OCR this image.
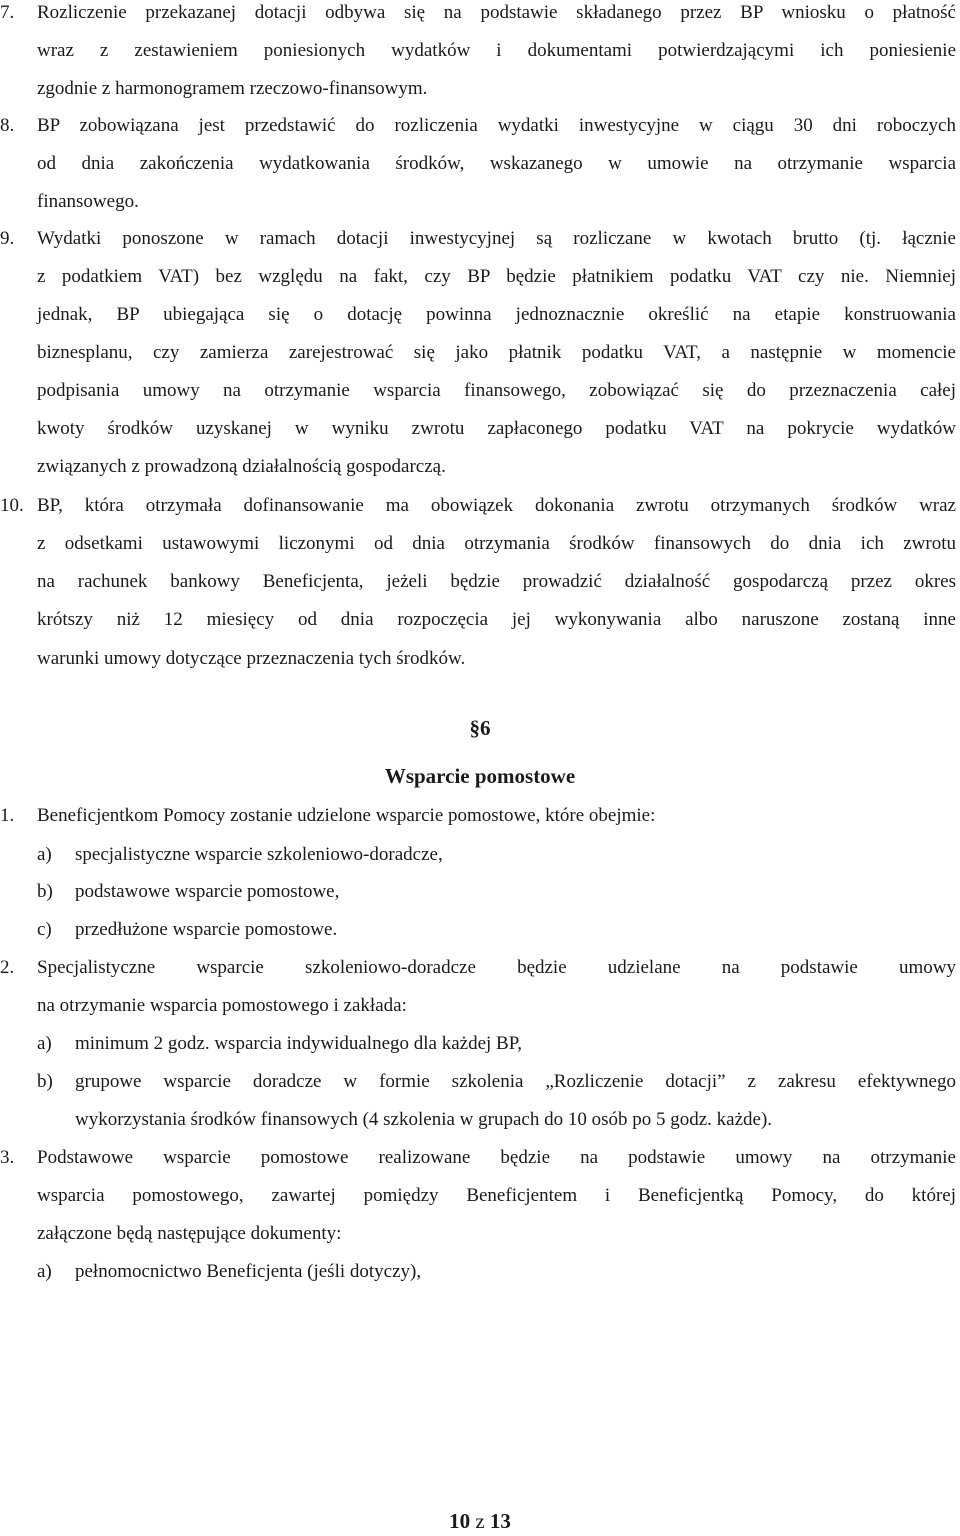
7. Rozliczenie przekazanej dotacji odbywa się na podstawie składanego przez BP wniosku o płatność
wraz z zestawieniem poniesionych wydatków i dokumentami potwierdzającymi ich poniesienie
zgodnie z harmonogramem rzeczowo-finansowym.
8. BP zobowiązana jest przedstawić do rozliczenia wydatki inwestycyjne w ciągu 30 dni roboczych
od dnia zakończenia wydatkowania środków, wskazanego w umowie na otrzymanie wsparcia
finansowego.
9. Wydatki ponoszone w ramach dotacji inwestycyjnej są rozliczane w kwotach brutto (tj. łącznie
z podatkiem VAT) bez względu na fakt, czy BP będzie płatnikiem podatku VAT czy nie. Niemniej
jednak, BP ubiegająca się o dotację powinna jednoznacznie określić na etapie konstruowania
biznesplanu, czy zamierza zarejestrować się jako płatnik podatku VAT, a następnie w momencie
podpisania umowy na otrzymanie wsparcia finansowego, zobowiązać się do przeznaczenia całej
kwoty środków uzyskanej w wyniku zwrotu zapłaconego podatku VAT na pokrycie wydatków
związanych z prowadzoną działalnością gospodarczą.
10. BP, która otrzymała dofinansowanie ma obowiązek dokonania zwrotu otrzymanych środków wraz
z odsetkami ustawowymi liczonymi od dnia otrzymania środków finansowych do dnia ich zwrotu
na rachunek bankowy Beneficjenta, jeżeli będzie prowadzić działalność gospodarczą przez okres
krótszy niż 12 miesięcy od dnia rozpoczęcia jej wykonywania albo naruszone zostaną inne
warunki umowy dotyczące przeznaczenia tych środków.
§6
Wsparcie pomostowe
1. Beneficjentkom Pomocy zostanie udzielone wsparcie pomostowe, które obejmie:
a) specjalistyczne wsparcie szkoleniowo-doradcze,
b) podstawowe wsparcie pomostowe,
c) przedłużone wsparcie pomostowe.
2. Specjalistyczne wsparcie szkoleniowo-doradcze będzie udzielane na podstawie umowy
na otrzymanie wsparcia pomostowego i zakłada:
a) minimum 2 godz. wsparcia indywidualnego dla każdej BP,
b) grupowe wsparcie doradcze w formie szkolenia „Rozliczenie dotacji” z zakresu efektywnego
wykorzystania środków finansowych (4 szkolenia w grupach do 10 osób po 5 godz. każde).
3. Podstawowe wsparcie pomostowe realizowane będzie na podstawie umowy na otrzymanie
wsparcia pomostowego, zawartej pomiędzy Beneficjentem i Beneficjentką Pomocy, do której
załączone będą następujące dokumenty:
a) pełnomocnictwo Beneficjenta (jeśli dotyczy),
10 z 13
